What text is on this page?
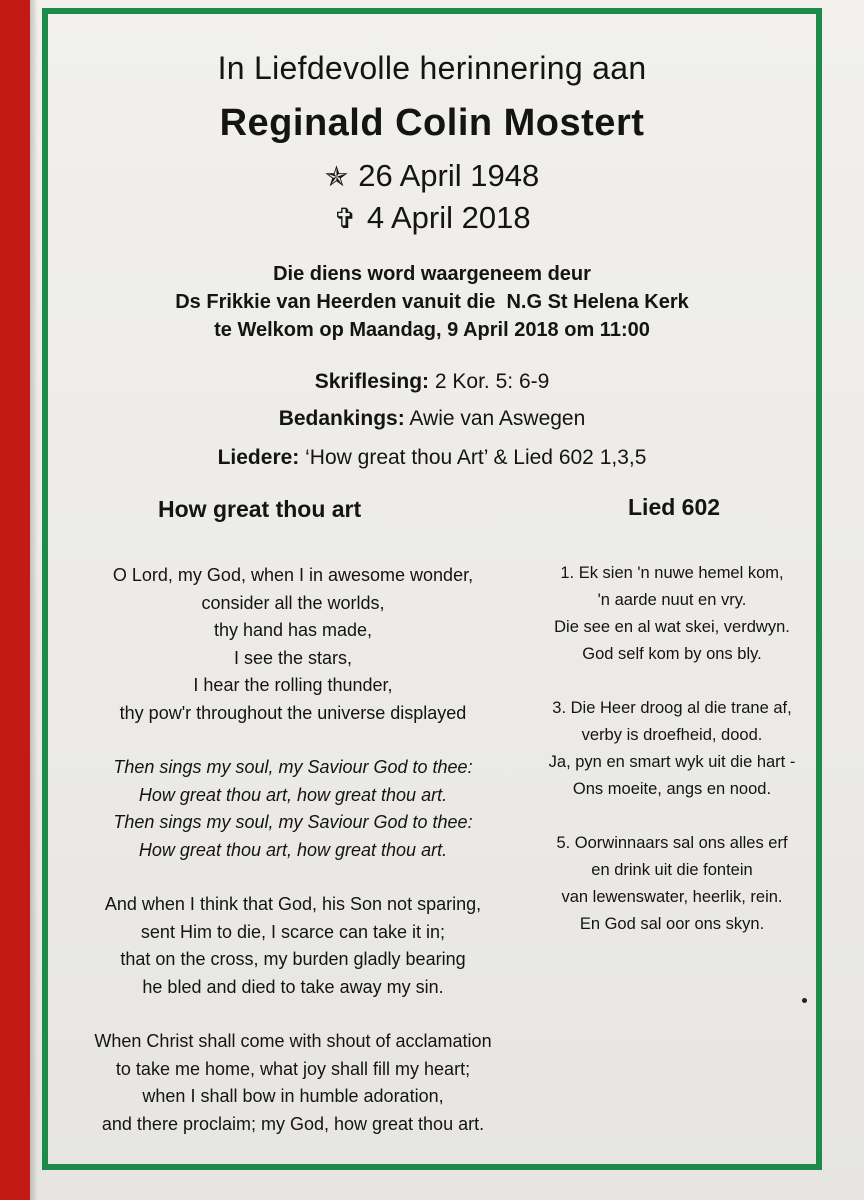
In Liefdevolle herinnering aan
Reginald Colin Mostert
✯ 26 April 1948
✞ 4 April 2018
Die diens word waargeneem deur
Ds Frikkie van Heerden vanuit die  N.G St Helena Kerk
te Welkom op Maandag, 9 April 2018 om 11:00
Skriflesing: 2 Kor. 5: 6-9
Bedankings: Awie van Aswegen
Liedere: ‘How great thou Art’ & Lied 602 1,3,5
How great thou art	Lied 602
O Lord, my God, when I in awesome wonder,
consider all the worlds,
thy hand has made,
I see the stars,
I hear the rolling thunder,
thy pow'r throughout the universe displayed
Then sings my soul, my Saviour God to thee:
How great thou art, how great thou art.
Then sings my soul, my Saviour God to thee:
How great thou art, how great thou art.
And when I think that God, his Son not sparing,
sent Him to die, I scarce can take it in;
that on the cross, my burden gladly bearing
he bled and died to take away my sin.
When Christ shall come with shout of acclamation
to take me home, what joy shall fill my heart;
when I shall bow in humble adoration,
and there proclaim; my God, how great thou art.
1. Ek sien 'n nuwe hemel kom,
'n aarde nuut en vry.
Die see en al wat skei, verdwyn.
God self kom by ons bly.
3. Die Heer droog al die trane af,
verby is droefheid, dood.
Ja, pyn en smart wyk uit die hart -
Ons moeite, angs en nood.
5. Oorwinnaars sal ons alles erf
en drink uit die fontein
van lewenswater, heerlik, rein.
En God sal oor ons skyn.
